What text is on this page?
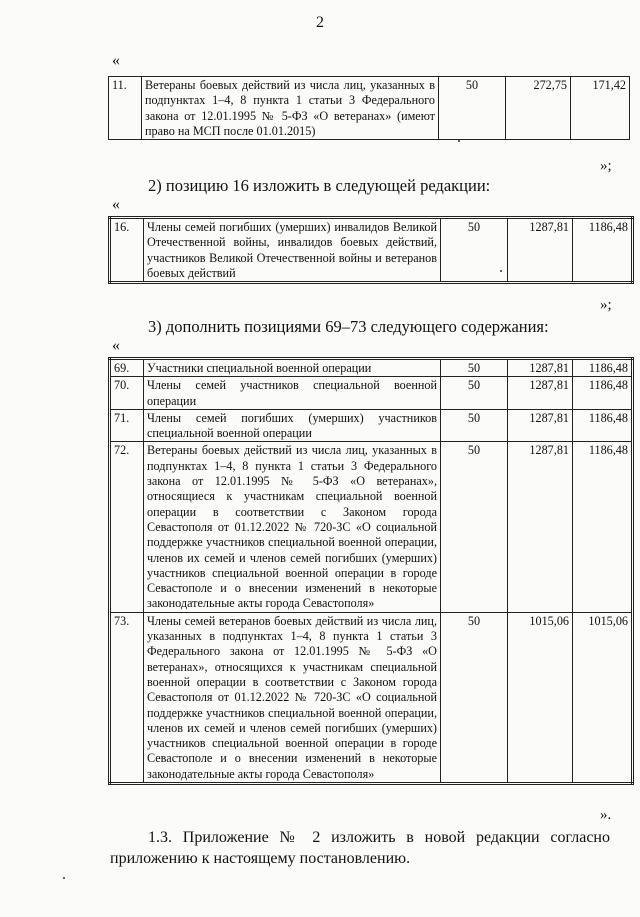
2
«
11.	Ветераны боевых действий из числа лиц, указанных в подпунктах 1–4, 8 пункта 1 статьи 3 Федерального закона от 12.01.1995 № 5-ФЗ «О ветеранах» (имеют право на МСП после 01.01.2015)	50	272,75	171,42
»;
2) позицию 16 изложить в следующей редакции:
«
16.	Члены семей погибших (умерших) инвалидов Великой Отечественной войны, инвалидов боевых действий, участников Великой Отечественной войны и ветеранов боевых действий	50	1287,81	1186,48
»;
3) дополнить позициями 69–73 следующего содержания:
«
69.	Участники специальной военной операции	50	1287,81	1186,48
70.	Члены семей участников специальной военной операции	50	1287,81	1186,48
71.	Члены семей погибших (умерших) участников специальной военной операции	50	1287,81	1186,48
72.	Ветераны боевых действий из числа лиц, указанных в подпунктах 1–4, 8 пункта 1 статьи 3 Федерального закона от 12.01.1995 № 5-ФЗ «О ветеранах», относящиеся к участникам специальной военной операции в соответствии с Законом города Севастополя от 01.12.2022 № 720-ЗС «О социальной поддержке участников специальной военной операции, членов их семей и членов семей погибших (умерших) участников специальной военной операции в городе Севастополе и о внесении изменений в некоторые законодательные акты города Севастополя»	50	1287,81	1186,48
73.	Члены семей ветеранов боевых действий из числа лиц, указанных в подпунктах 1–4, 8 пункта 1 статьи 3 Федерального закона от 12.01.1995 № 5-ФЗ «О ветеранах», относящихся к участникам специальной военной операции в соответствии с Законом города Севастополя от 01.12.2022 № 720-ЗС «О социальной поддержке участников специальной военной операции, членов их семей и членов семей погибших (умерших) участников специальной военной операции в городе Севастополе и о внесении изменений в некоторые законодательные акты города Севастополя»	50	1015,06	1015,06
».
1.3. Приложение № 2 изложить в новой редакции согласно приложению к настоящему постановлению.
